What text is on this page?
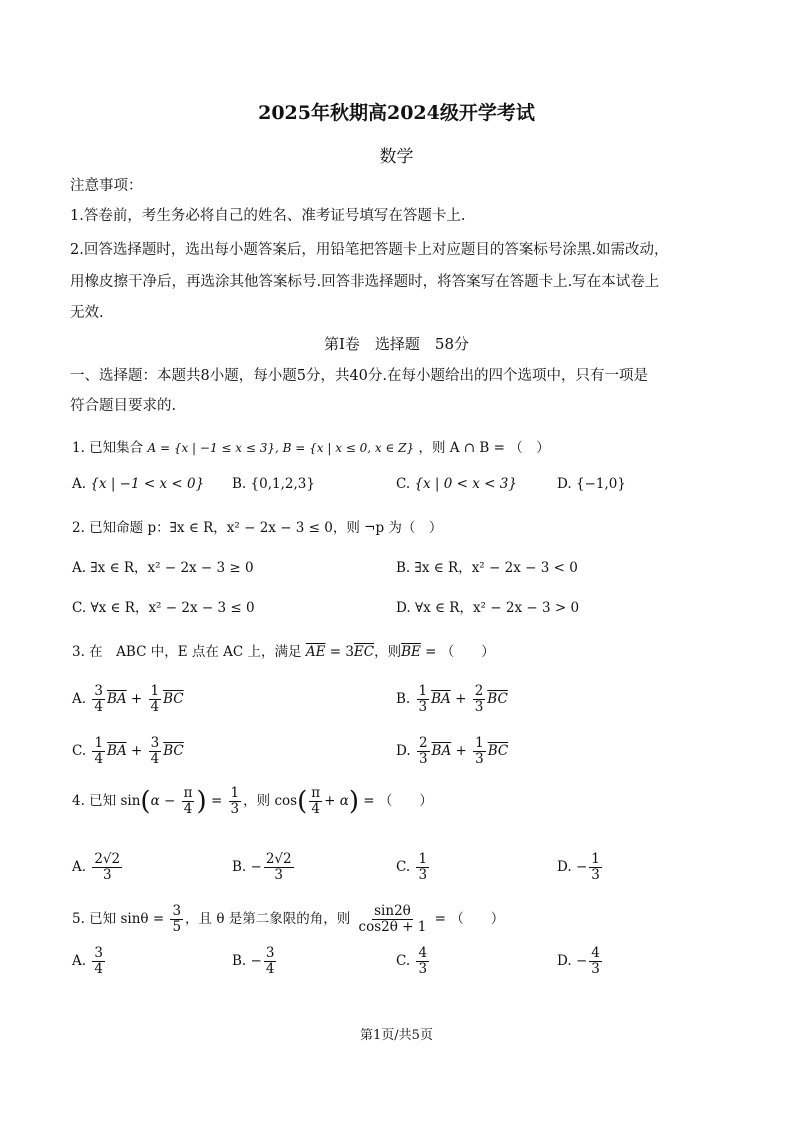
2025年秋期高2024级开学考试
数学
注意事项：
1.答卷前，考生务必将自己的姓名、准考证号填写在答题卡上.
2.回答选择题时，选出每小题答案后，用铅笔把答题卡上对应题目的答案标号涂黑.如需改动，
用橡皮擦干净后，再选涂其他答案标号.回答非选择题时，将答案写在答题卡上.写在本试卷上
无效.
第Ⅰ卷　选择题　58分
一、选择题：本题共8小题，每小题5分，共40分.在每小题给出的四个选项中，只有一项是
符合题目要求的.
1. 已知集合 A = {x | −1 ≤ x ≤ 3}, B = {x | x ≤ 0, x ∈ Z} ，则 A ∩ B = （　）
A. {x | −1 < x < 0} B. {0,1,2,3}	C. {x | 0 < x < 3}	D. {−1,0}
2. 已知命题 p：∃x ∈ R，x² − 2x − 3 ≤ 0，则 ¬p 为（　）
A. ∃x ∈ R，x² − 2x − 3 ≥ 0	B. ∃x ∈ R，x² − 2x − 3 < 0
C. ∀x ∈ R，x² − 2x − 3 ≤ 0	D. ∀x ∈ R，x² − 2x − 3 > 0
3. 在　ABC 中，E 点在 AC 上，满足 $\overline{AE} = 3\overline{EC}$，则$\overline{BE}$ = （　　）
A. $\frac{3}{4} \overline{BA} + \frac{1}{4} \overline{BC}$	B. $\frac{1}{3} \overline{BA} + \frac{2}{3} \overline{BC}$
C. $\frac{1}{4} \overline{BA} + \frac{3}{4} \overline{BC}$	D. $\frac{2}{3} \overline{BA} + \frac{1}{3} \overline{BC}$
4. 已知 $\sin(\alpha - \frac{\pi}{4}$ ) = $\frac{1}{3}$ ，则 $\cos( \frac{\pi}{4} + \alpha)$ = （　　）
A. $\frac{2√2}{3}$	B. − $\frac{2√2}{3}$	C. $\frac{1}{3}$	D. − $\frac{1}{3}$
5. 已知 $\sin\theta = \frac{3}{5}$ ，且 θ 是第二象限的角，则 $\frac{\sin 2\theta}{\cos 2\theta + 1}$ = （　　）
A. $\frac{3}{4}$	B. − $\frac{3}{4}$	C. $\frac{4}{3}$	D. − $\frac{4}{3}$
第1页/共5页
